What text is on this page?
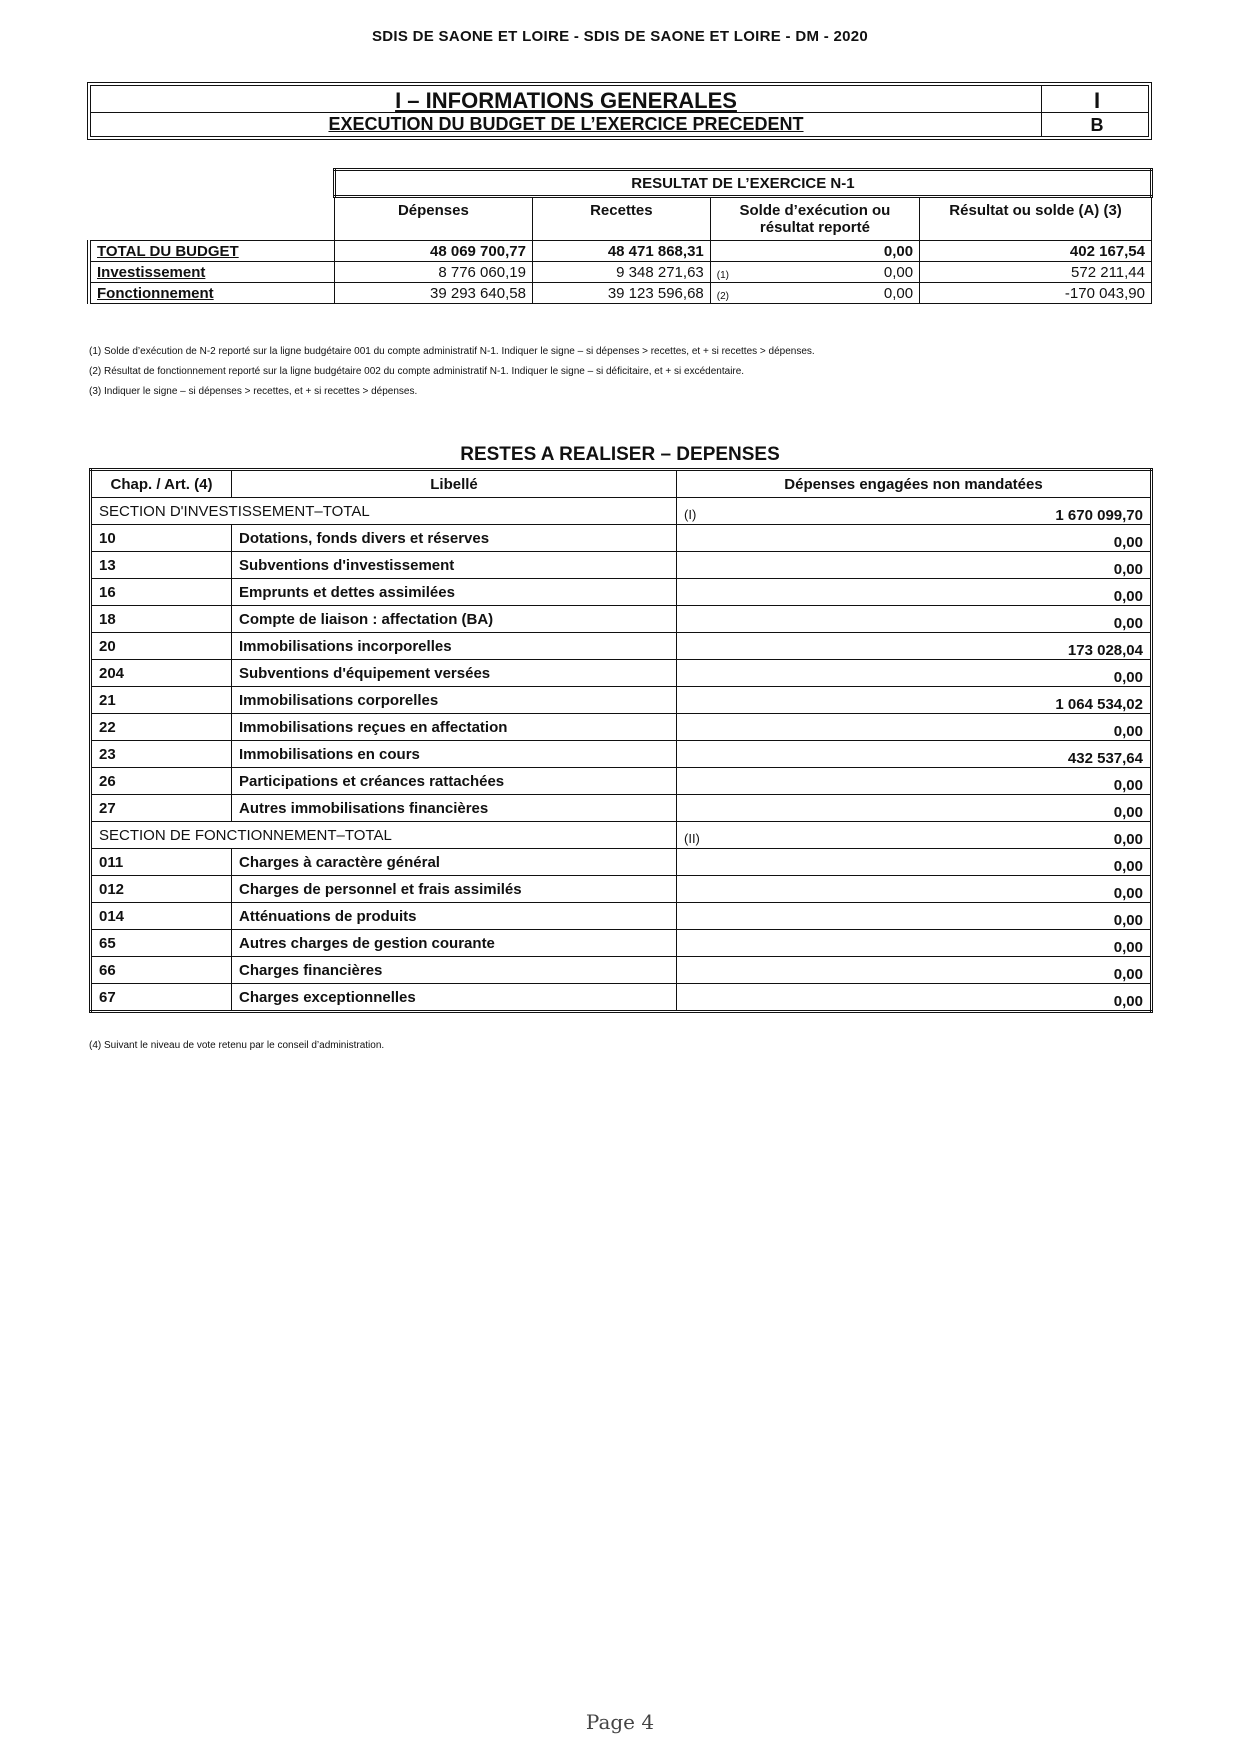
SDIS DE SAONE ET LOIRE - SDIS DE SAONE ET LOIRE - DM - 2020
I – INFORMATIONS GENERALES
EXECUTION DU BUDGET DE L’EXERCICE PRECEDENT
I
B
	RESULTAT DE L’EXERCICE N-1			
	Dépenses	Recettes	Solde d’exécution ou résultat reporté	Résultat ou solde (A) (3)
TOTAL DU BUDGET	48 069 700,77	48 471 868,31	0,00	402 167,54
Investissement	8 776 060,19	9 348 271,63	(1) 0,00	572 211,44
Fonctionnement	39 293 640,58	39 123 596,68	(2) 0,00	-170 043,90
(1) Solde d’exécution de N-2 reporté sur la ligne budgétaire 001 du compte administratif N-1. Indiquer le signe – si dépenses > recettes, et + si recettes > dépenses.
(2) Résultat de fonctionnement reporté sur la ligne budgétaire 002 du compte administratif N-1. Indiquer le signe – si déficitaire, et + si excédentaire.
(3) Indiquer le signe – si dépenses > recettes, et + si recettes > dépenses.
RESTES A REALISER – DEPENSES
Chap. / Art. (4)	Libellé	Dépenses engagées non mandatées
SECTION D'INVESTISSEMENT–TOTAL		(I) 1 670 099,70
10	Dotations, fonds divers et réserves	0,00
13	Subventions d'investissement	0,00
16	Emprunts et dettes assimilées	0,00
18	Compte de liaison : affectation (BA)	0,00
20	Immobilisations incorporelles	173 028,04
204	Subventions d'équipement versées	0,00
21	Immobilisations corporelles	1 064 534,02
22	Immobilisations reçues en affectation	0,00
23	Immobilisations en cours	432 537,64
26	Participations et créances rattachées	0,00
27	Autres immobilisations financières	0,00
SECTION DE FONCTIONNEMENT–TOTAL		(II) 0,00
011	Charges à caractère général	0,00
012	Charges de personnel et frais assimilés	0,00
014	Atténuations de produits	0,00
65	Autres charges de gestion courante	0,00
66	Charges financières	0,00
67	Charges exceptionnelles	0,00
(4) Suivant le niveau de vote retenu par le conseil d’administration.
Page 4
